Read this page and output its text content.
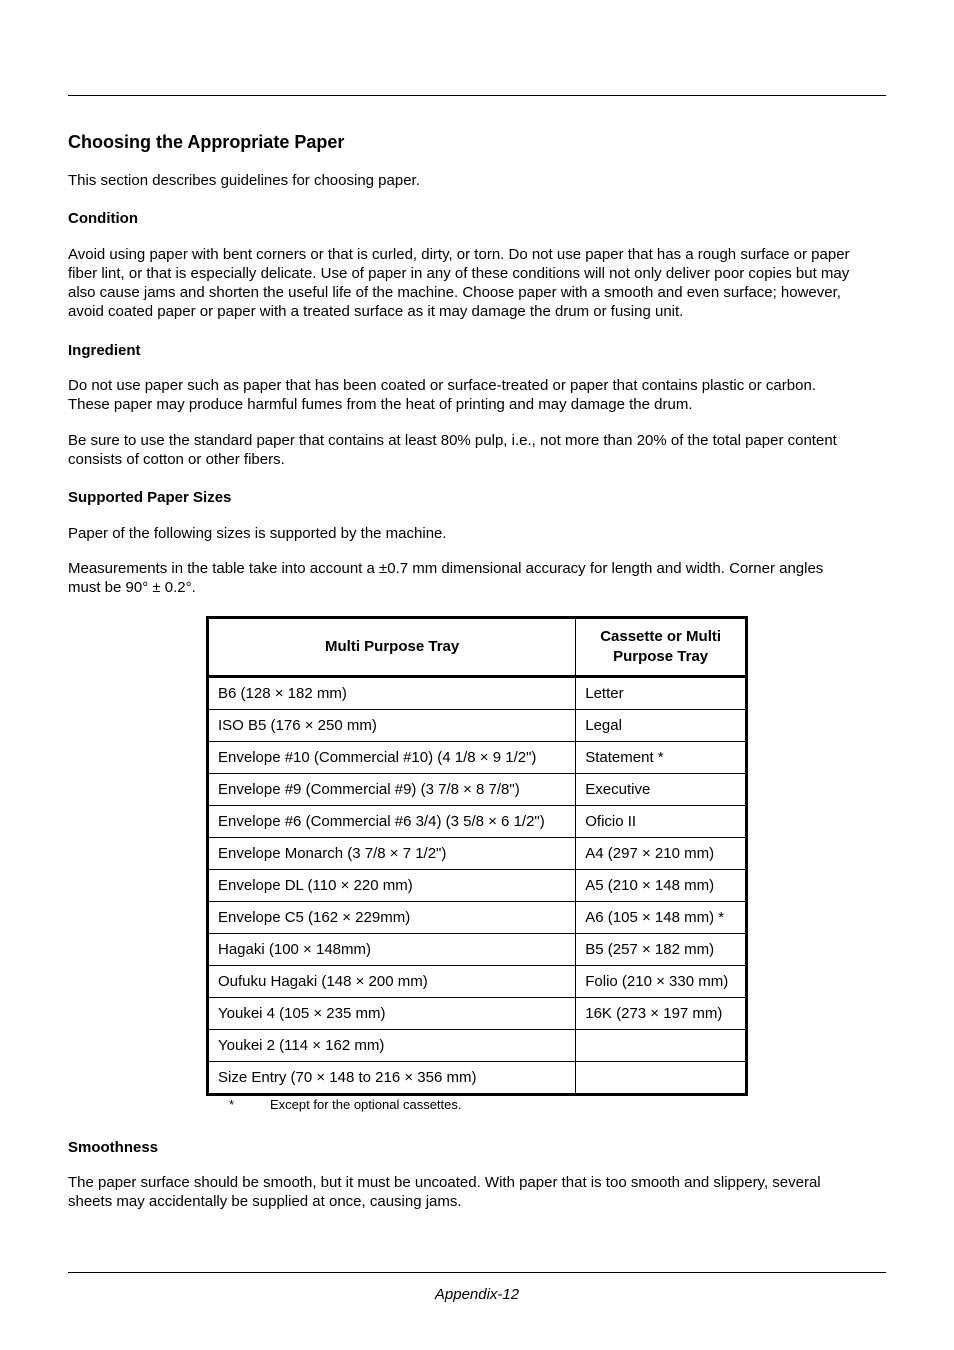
Choosing the Appropriate Paper
This section describes guidelines for choosing paper.
Condition
Avoid using paper with bent corners or that is curled, dirty, or torn. Do not use paper that has a rough surface or paper
fiber lint, or that is especially delicate. Use of paper in any of these conditions will not only deliver poor copies but may
also cause jams and shorten the useful life of the machine. Choose paper with a smooth and even surface; however,
avoid coated paper or paper with a treated surface as it may damage the drum or fusing unit.
Ingredient
Do not use paper such as paper that has been coated or surface-treated or paper that contains plastic or carbon.
These paper may produce harmful fumes from the heat of printing and may damage the drum.
Be sure to use the standard paper that contains at least 80% pulp, i.e., not more than 20% of the total paper content
consists of cotton or other fibers.
Supported Paper Sizes
Paper of the following sizes is supported by the machine.
Measurements in the table take into account a ±0.7 mm dimensional accuracy for length and width. Corner angles
must be 90° ± 0.2°.
Multi Purpose Tray	Cassette or Multi Purpose Tray
B6 (128 × 182 mm)	Letter
ISO B5 (176 × 250 mm)	Legal
Envelope #10 (Commercial #10) (4 1/8 × 9 1/2")	Statement *
Envelope #9 (Commercial #9) (3 7/8 × 8 7/8")	Executive
Envelope #6 (Commercial #6 3/4) (3 5/8 × 6 1/2")	Oficio II
Envelope Monarch (3 7/8 × 7 1/2")	A4 (297 × 210 mm)
Envelope DL (110 × 220 mm)	A5 (210 × 148 mm)
Envelope C5 (162 × 229mm)	A6 (105 × 148 mm) *
Hagaki (100 × 148mm)	B5 (257 × 182 mm)
Oufuku Hagaki (148 × 200 mm)	Folio (210 × 330 mm)
Youkei 4 (105 × 235 mm)	16K (273 × 197 mm)
Youkei 2 (114 × 162 mm)	
Size Entry (70 × 148 to 216 × 356 mm)	
*	Except for the optional cassettes.
Smoothness
The paper surface should be smooth, but it must be uncoated. With paper that is too smooth and slippery, several
sheets may accidentally be supplied at once, causing jams.
Appendix-12
